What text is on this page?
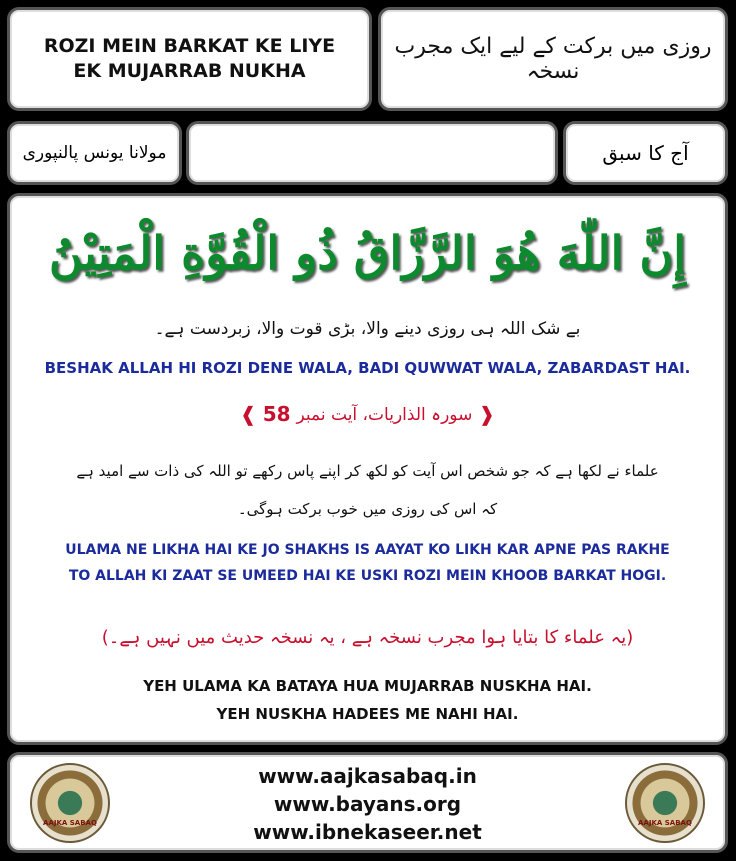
ROZI MEIN BARKAT KE LIYE
EK MUJARRAB NUKHA
روزی میں برکت کے لیے ایک مجرب نسخہ
مولانا یونس پالنپوری	آج کا سبق
إِنَّ اللّٰهَ هُوَ الرَّزَّاقُ ذُو الْقُوَّةِ الْمَتِيْنُ
بے شک اللہ ہی روزی دینے والا، بڑی قوت والا، زبردست ہے۔
BESHAK ALLAH HI ROZI DENE WALA, BADI QUWWAT WALA, ZABARDAST HAI.
❰
سورہ الذاریات، آیت نمبر
58
❱
علماء نے لکھا ہے کہ جو شخص اس آیت کو لکھ کر اپنے پاس رکھے تو اللہ کی ذات سے امید ہے
کہ اس کی روزی میں خوب برکت ہوگی۔
ULAMA NE LIKHA HAI KE JO SHAKHS IS AAYAT KO LIKH KAR APNE PAS RAKHE
TO ALLAH KI ZAAT SE UMEED HAI KE USKI ROZI MEIN KHOOB BARKAT HOGI.
(یہ علماء کا بتایا ہوا مجرب نسخہ ہے ، یہ نسخہ حدیث میں نہیں ہے۔)
YEH ULAMA KA BATAYA HUA MUJARRAB NUSKHA HAI.
YEH NUSKHA HADEES ME NAHI HAI.
AAJKA SABAQ
www.aajkasabaq.in
www.bayans.org
www.ibnekaseer.net	AAJKA SABAQ
